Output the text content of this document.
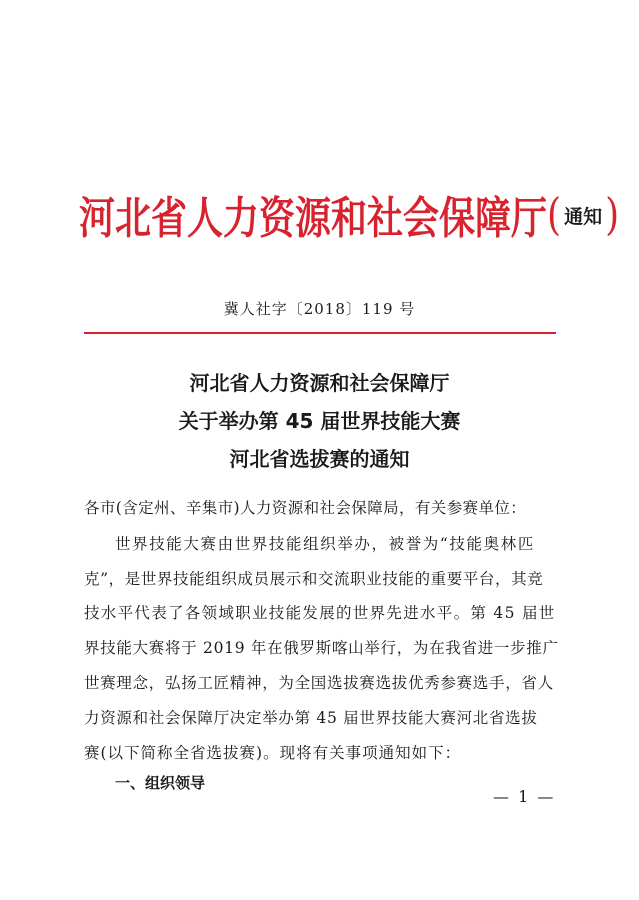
河北省人力资源和社会保障厅 ( 通知 )
冀人社字〔2018〕119 号
河北省人力资源和社会保障厅
关于举办第 45 届世界技能大赛
河北省选拔赛的通知
各市(含定州、辛集市)人力资源和社会保障局，有关参赛单位：
世界技能大赛由世界技能组织举办，被誉为“技能奥林匹
克”，是世界技能组织成员展示和交流职业技能的重要平台，其竞
技水平代表了各领域职业技能发展的世界先进水平。第 45 届世
界技能大赛将于 2019 年在俄罗斯喀山举行，为在我省进一步推广
世赛理念，弘扬工匠精神，为全国选拔赛选拔优秀参赛选手，省人
力资源和社会保障厅决定举办第 45 届世界技能大赛河北省选拔
赛(以下简称全省选拔赛)。现将有关事项通知如下：
一、组织领导
— 1 —
